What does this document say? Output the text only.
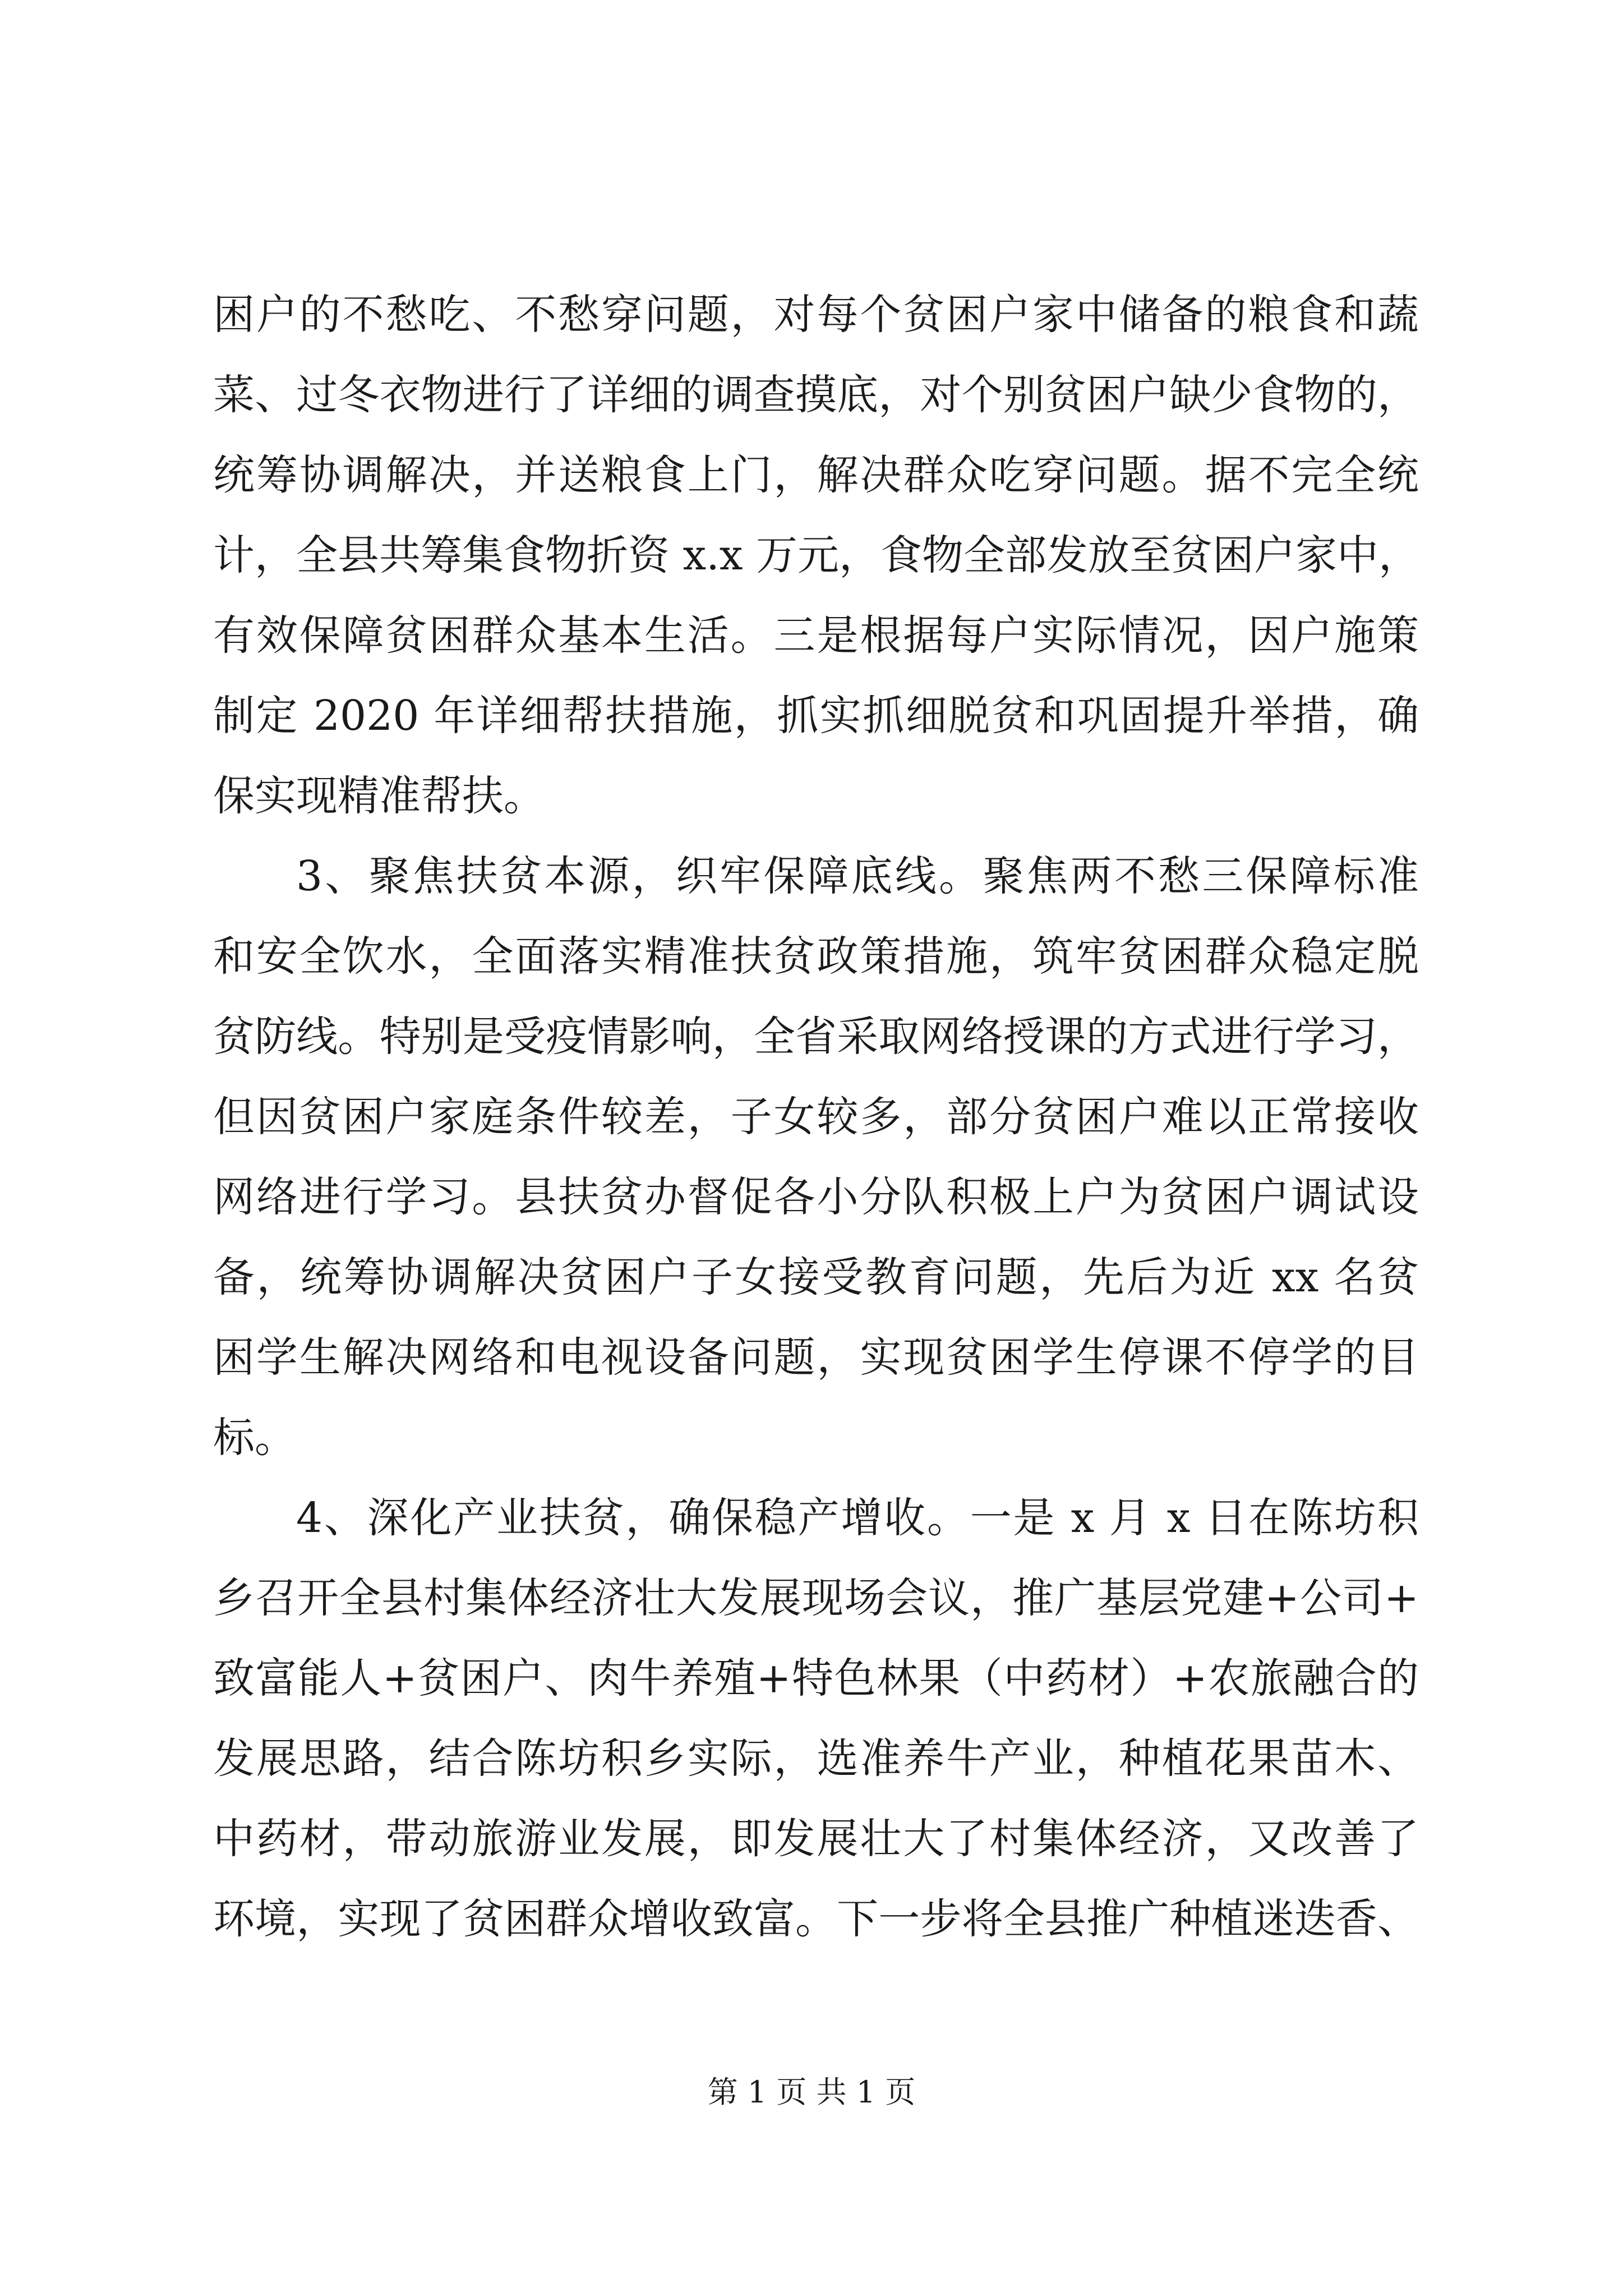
困户的不愁吃、不愁穿问题，对每个贫困户家中储备的粮食和蔬
菜、过冬衣物进行了详细的调查摸底，对个别贫困户缺少食物的，
统筹协调解决，并送粮食上门，解决群众吃穿问题。据不完全统
计，全县共筹集食物折资 x.x 万元，食物全部发放至贫困户家中，
有效保障贫困群众基本生活。三是根据每户实际情况，因户施策
制定 2020 年详细帮扶措施，抓实抓细脱贫和巩固提升举措，确
保实现精准帮扶。
3、聚焦扶贫本源，织牢保障底线。聚焦两不愁三保障标准
和安全饮水，全面落实精准扶贫政策措施，筑牢贫困群众稳定脱
贫防线。特别是受疫情影响，全省采取网络授课的方式进行学习，
但因贫困户家庭条件较差，子女较多，部分贫困户难以正常接收
网络进行学习。县扶贫办督促各小分队积极上户为贫困户调试设
备，统筹协调解决贫困户子女接受教育问题，先后为近 xx 名贫
困学生解决网络和电视设备问题，实现贫困学生停课不停学的目
标。
4、深化产业扶贫，确保稳产增收。一是 x 月 x 日在陈坊积
乡召开全县村集体经济壮大发展现场会议，推广基层党建+公司+
致富能人+贫困户、肉牛养殖+特色林果（中药材）+农旅融合的
发展思路，结合陈坊积乡实际，选准养牛产业，种植花果苗木、
中药材，带动旅游业发展，即发展壮大了村集体经济，又改善了
环境，实现了贫困群众增收致富。下一步将全县推广种植迷迭香、
第 1 页 共 1 页
